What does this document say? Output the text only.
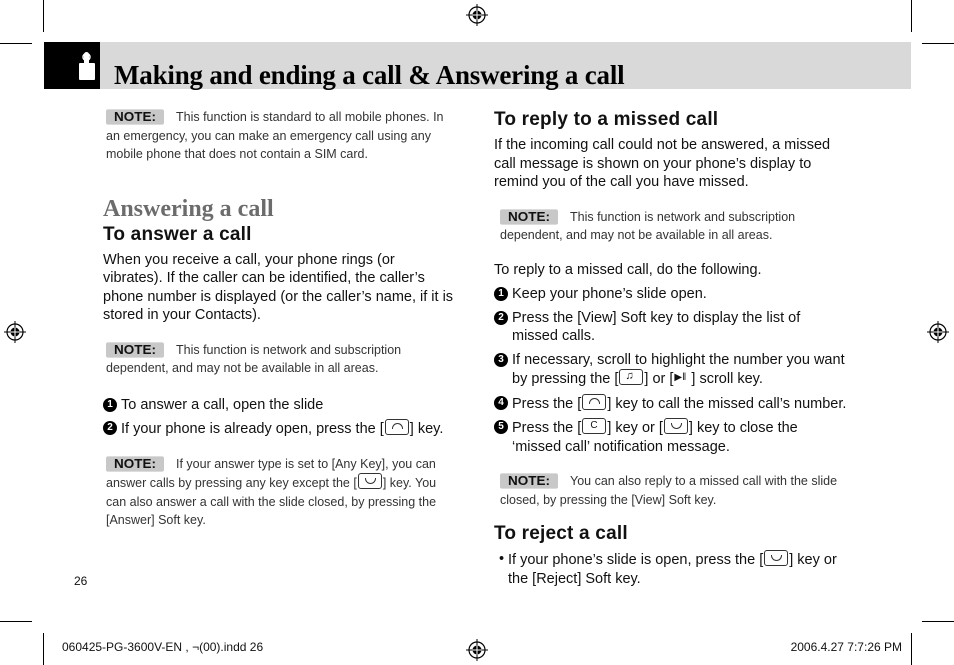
Making and ending a call & Answering a call
NOTE: This function is standard to all mobile phones. In an emergency, you can make an emergency call using any mobile phone that does not contain a SIM card.
Answering a call
To answer a call
When you receive a call, your phone rings (or vibrates). If the caller can be identified, the caller’s phone number is displayed (or the caller’s name, if it is stored in your Contacts).
NOTE: This function is network and subscription dependent, and may not be available in all areas.
1 To answer a call, open the slide
2 If your phone is already open, press the [ ] key.
NOTE: If your answer type is set to [Any Key], you can answer calls by pressing any key except the [ ] key. You can also answer a call with the slide closed, by pressing the [Answer] Soft key.
To reply to a missed call
If the incoming call could not be answered, a missed call message is shown on your phone’s display to remind you of the call you have missed.
NOTE: This function is network and subscription dependent, and may not be available in all areas.
To reply to a missed call, do the following.
1 Keep your phone’s slide open.
2 Press the [View] Soft key to display the list of missed calls.
3 If necessary, scroll to highlight the number you want by pressing the [ ♫ ] or [ ▶‖ ] scroll key.
4 Press the [ ] key to call the missed call’s number.
5 Press the [ C ] key or [ ] key to close the ‘missed call’ notification message.
NOTE: You can also reply to a missed call with the slide closed, by pressing the [View] Soft key.
To reject a call
• If your phone’s slide is open, press the [ ] key or the [Reject] Soft key.
26
060425-PG-3600V-EN , ¬(00).indd 26	2006.4.27 7:7:26 PM
